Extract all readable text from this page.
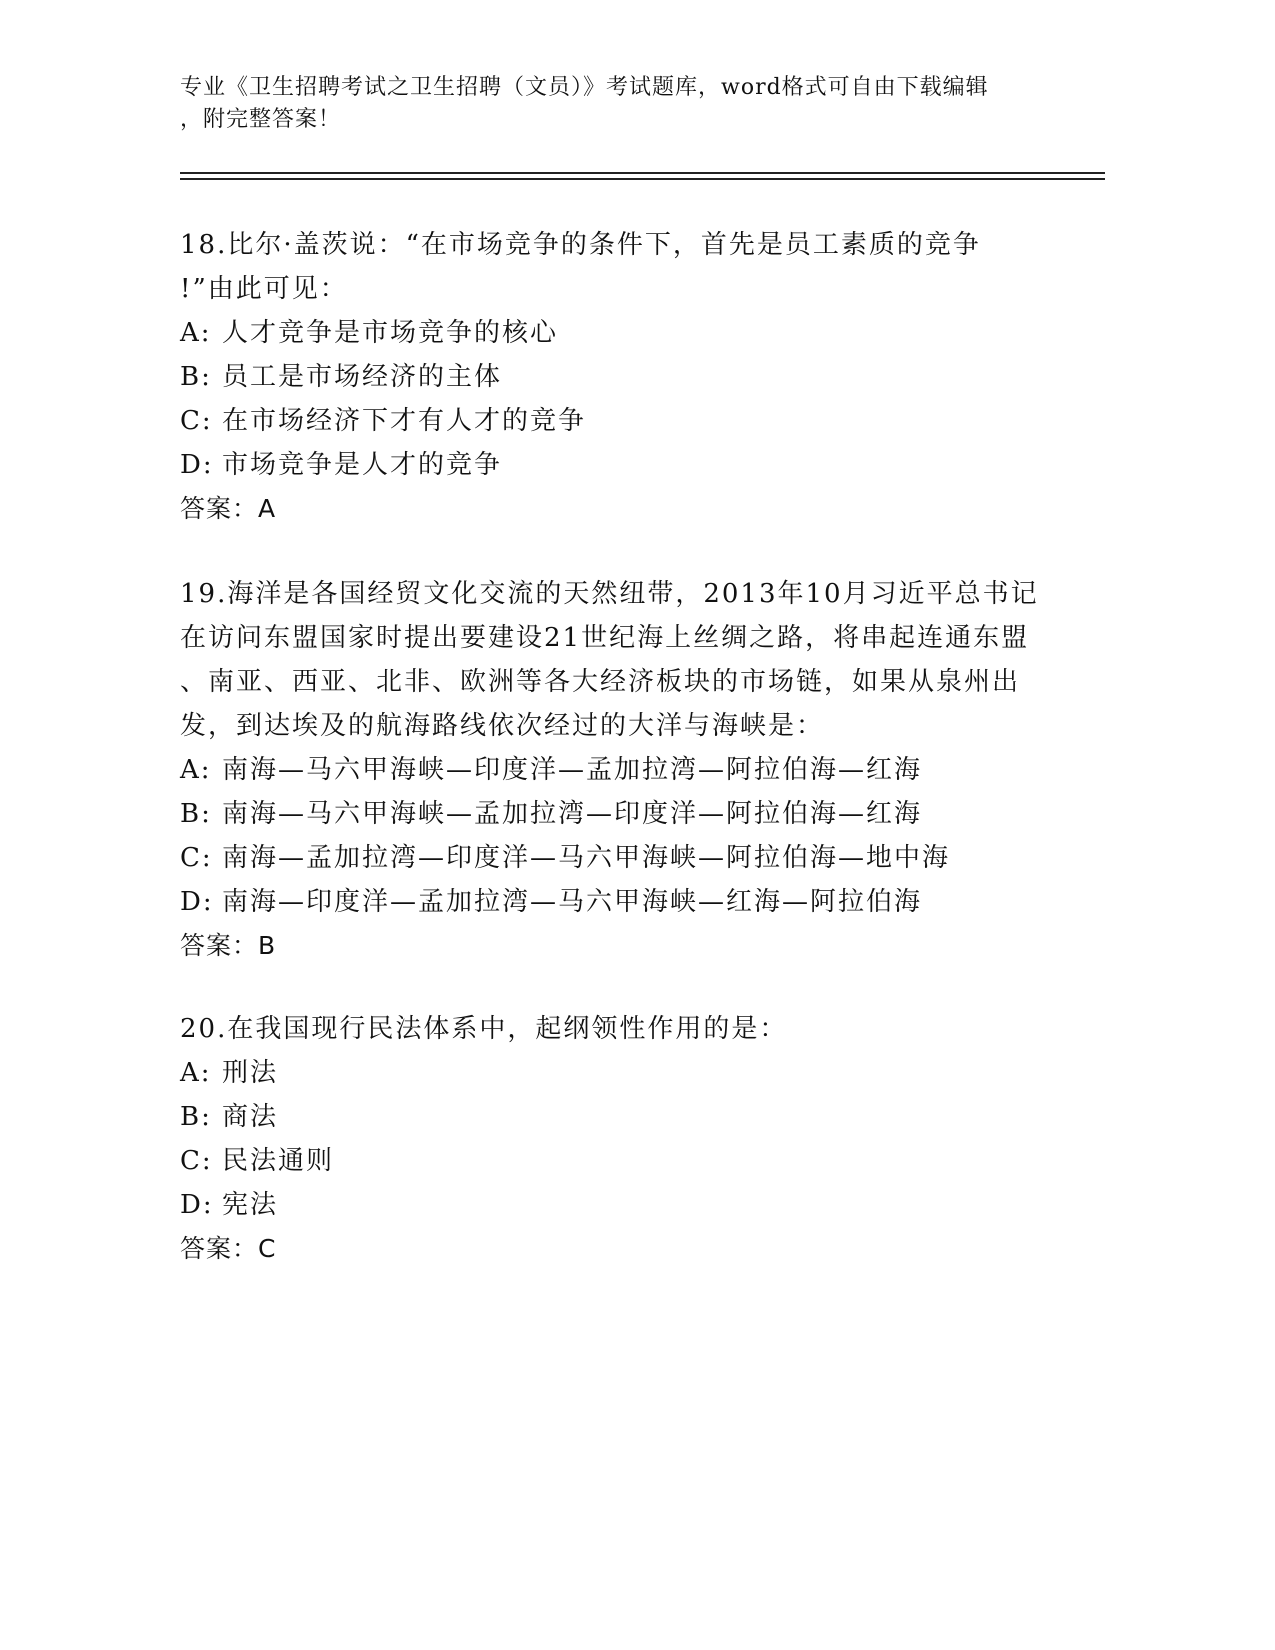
专业《卫生招聘考试之卫生招聘（文员）》考试题库，word格式可自由下载编辑
，附完整答案！
18.比尔·盖茨说：“在市场竞争的条件下，首先是员工素质的竞争
!”由此可见：
A: 人才竞争是市场竞争的核心
B: 员工是市场经济的主体
C: 在市场经济下才有人才的竞争
D: 市场竞争是人才的竞争
答案：A
19.海洋是各国经贸文化交流的天然纽带，2013年10月习近平总书记
在访问东盟国家时提出要建设21世纪海上丝绸之路，将串起连通东盟
、南亚、西亚、北非、欧洲等各大经济板块的市场链，如果从泉州出
发，到达埃及的航海路线依次经过的大洋与海峡是：
A: 南海—马六甲海峡—印度洋—孟加拉湾—阿拉伯海—红海
B: 南海—马六甲海峡—孟加拉湾—印度洋—阿拉伯海—红海
C: 南海—孟加拉湾—印度洋—马六甲海峡—阿拉伯海—地中海
D: 南海—印度洋—孟加拉湾—马六甲海峡—红海—阿拉伯海
答案：B
20.在我国现行民法体系中，起纲领性作用的是：
A: 刑法
B: 商法
C: 民法通则
D: 宪法
答案：C
